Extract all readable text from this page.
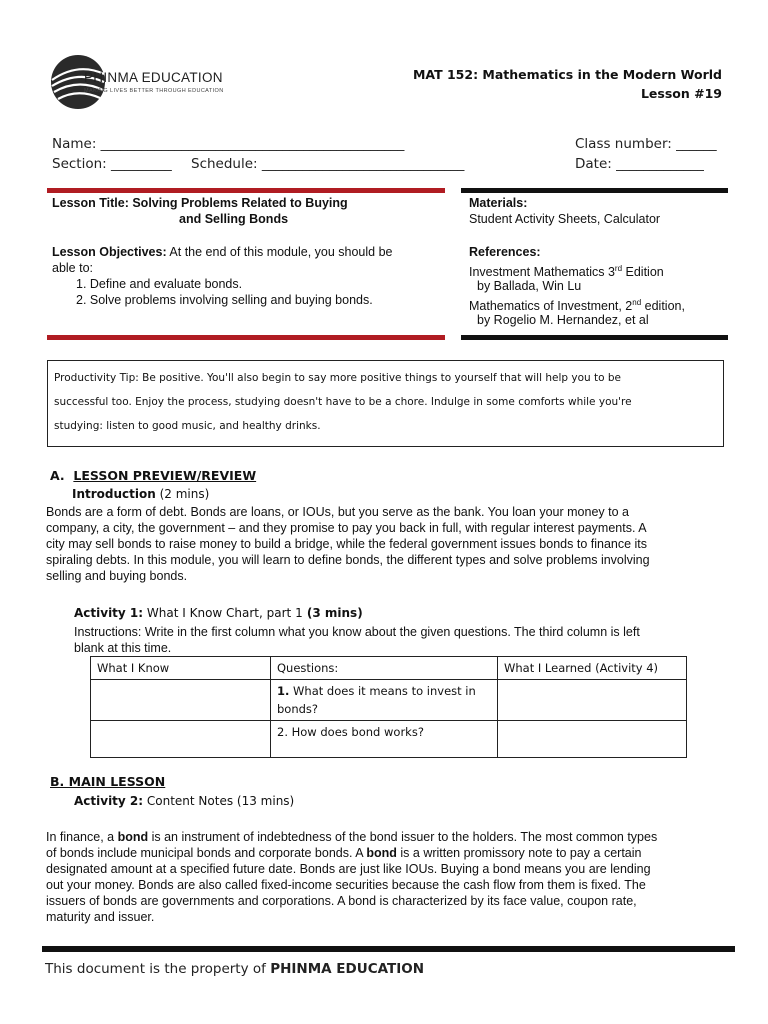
PHINMA EDUCATION
MAKING LIVES BETTER THROUGH EDUCATION
MAT 152: Mathematics in the Modern World
Lesson #19
Name: _____________________________________________
Section: _________ Schedule: ______________________________
Class number: ______
Date: _____________
Lesson Title: Solving Problems Related to Buying
and Selling Bonds
Lesson Objectives: At the end of this module, you should be
able to:
1. Define and evaluate bonds.
2. Solve problems involving selling and buying bonds.
Materials:
Student Activity Sheets, Calculator
References:
Investment Mathematics 3rd Edition
by Ballada, Win Lu
Mathematics of Investment, 2nd edition,
by Rogelio M. Hernandez, et al
Productivity Tip: Be positive. You'll also begin to say more positive things to yourself that will help you to be
successful too. Enjoy the process, studying doesn't have to be a chore. Indulge in some comforts while you're
studying: listen to good music, and healthy drinks.
A. LESSON PREVIEW/REVIEW
Introduction (2 mins)
Bonds are a form of debt. Bonds are loans, or IOUs, but you serve as the bank. You loan your money to a
company, a city, the government – and they promise to pay you back in full, with regular interest payments. A
city may sell bonds to raise money to build a bridge, while the federal government issues bonds to finance its
spiraling debts. In this module, you will learn to define bonds, the different types and solve problems involving
selling and buying bonds.
Activity 1: What I Know Chart, part 1 (3 mins)
Instructions: Write in the first column what you know about the given questions. The third column is left
blank at this time.
What I Know	Questions:	What I Learned (Activity 4)

	1. What does it means to invest in
bonds?	

	2. How does bond works?	
B. MAIN LESSON
Activity 2: Content Notes (13 mins)
In finance, a bond is an instrument of indebtedness of the bond issuer to the holders. The most common types
of bonds include municipal bonds and corporate bonds. A bond is a written promissory note to pay a certain
designated amount at a specified future date. Bonds are just like IOUs. Buying a bond means you are lending
out your money. Bonds are also called fixed-income securities because the cash flow from them is fixed. The
issuers of bonds are governments and corporations. A bond is characterized by its face value, coupon rate,
maturity and issuer.
This document is the property of PHINMA EDUCATION
